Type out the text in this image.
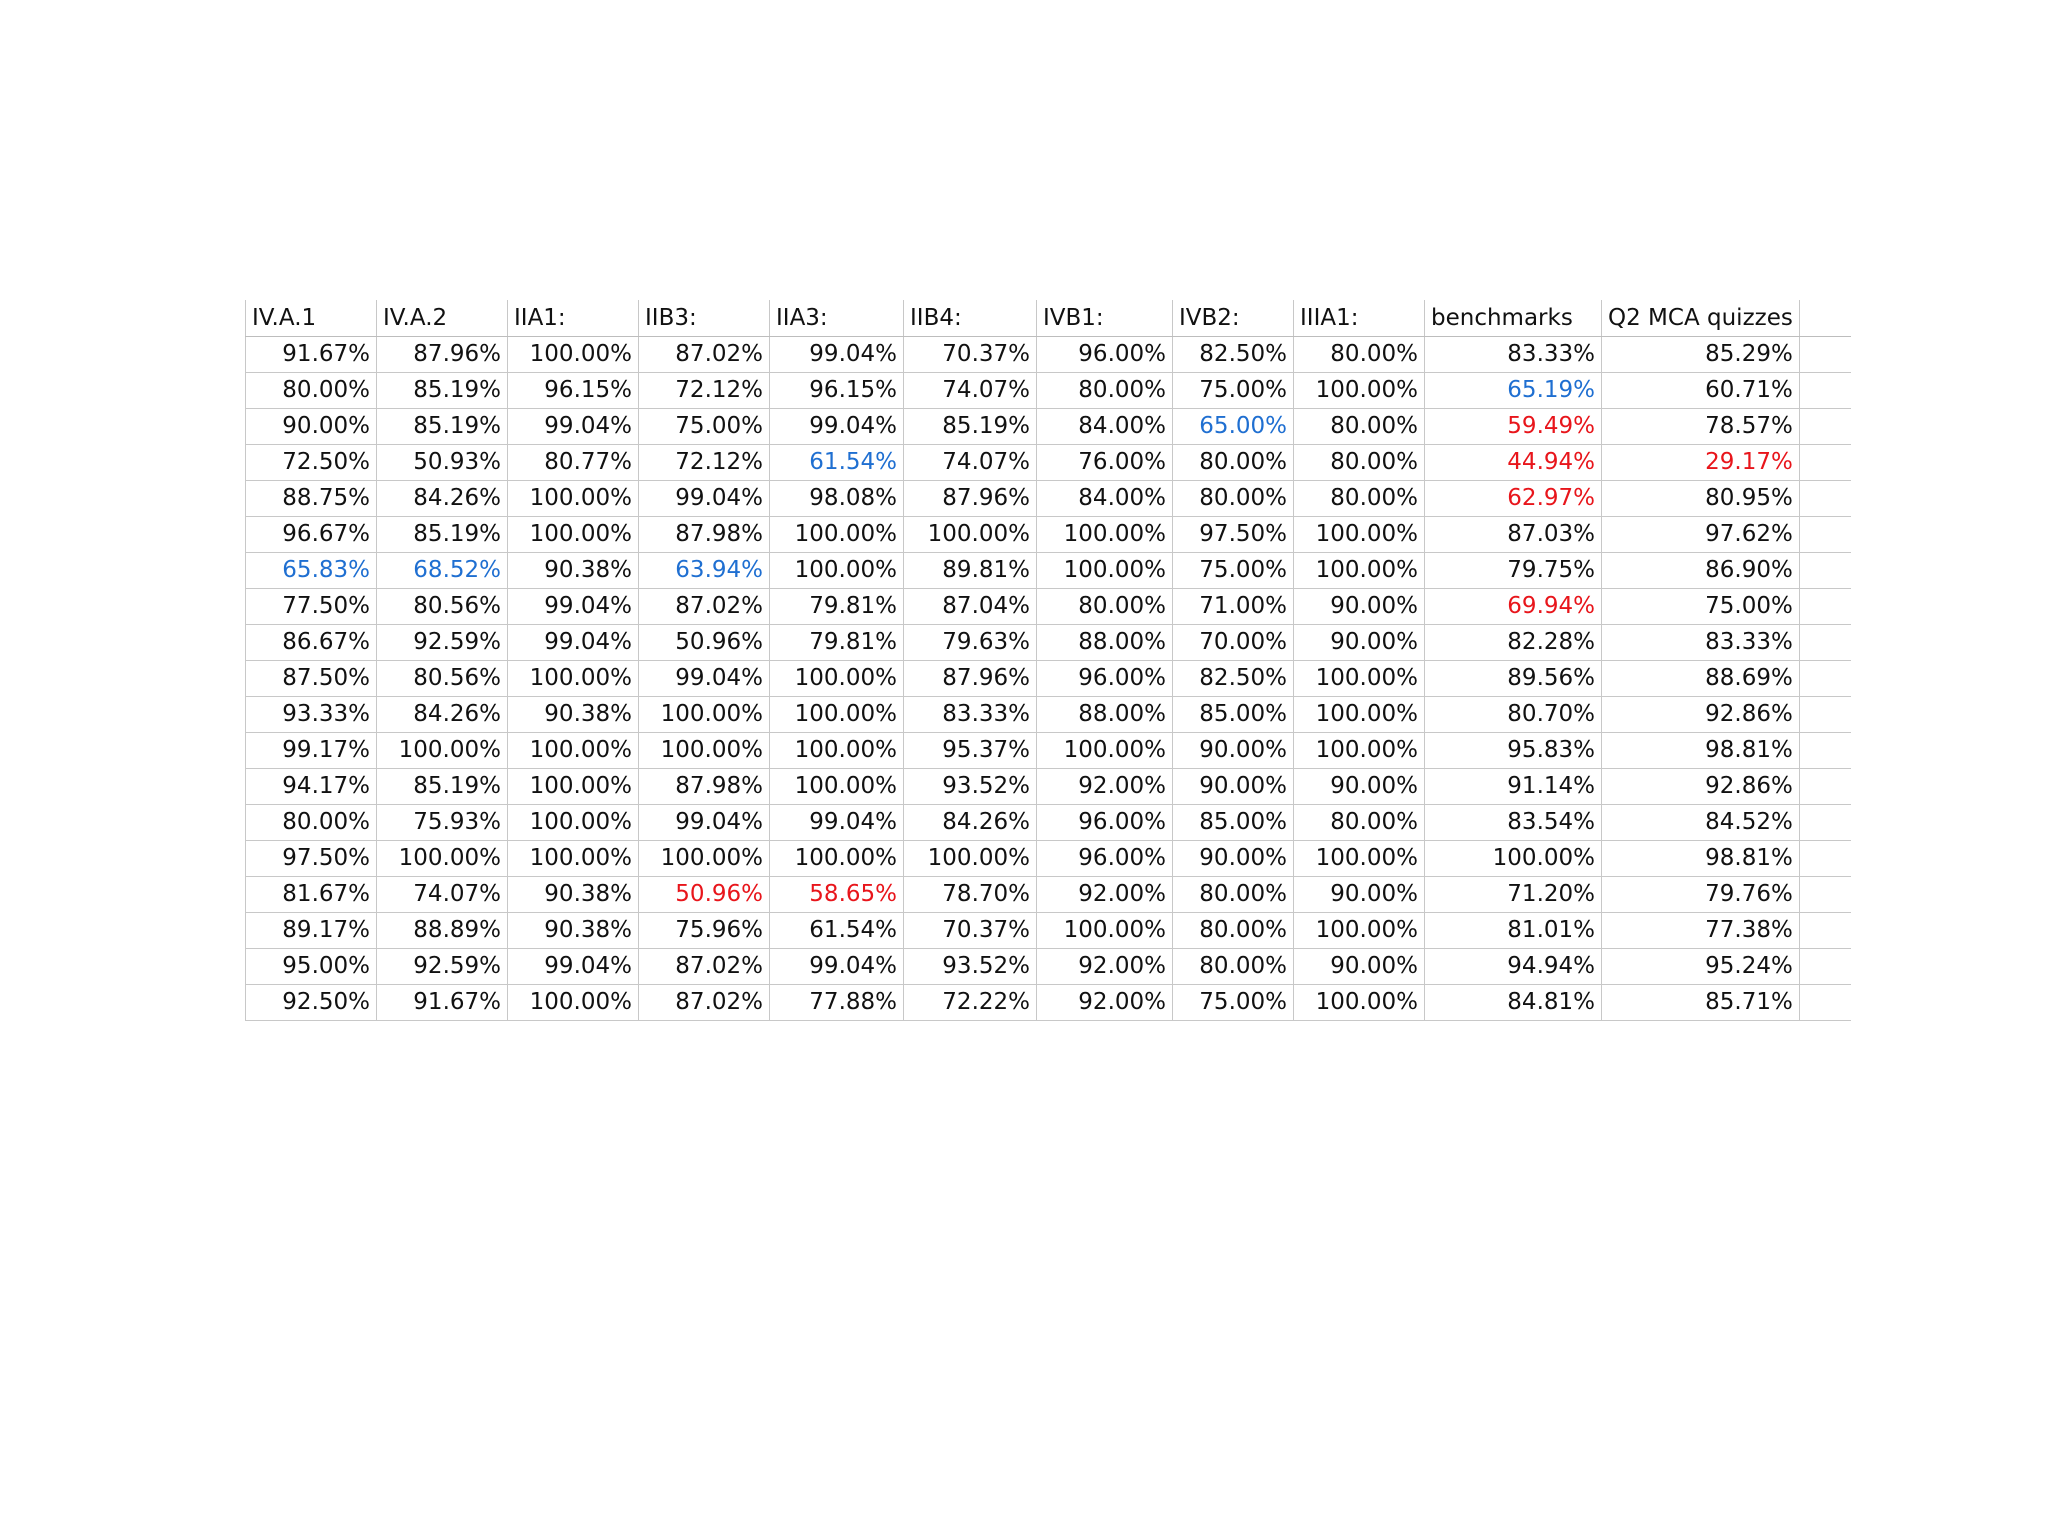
IV.A.1	IV.A.2	IIA1:	IIB3:	IIA3:	IIB4:	IVB1:	IVB2:	IIIA1:	benchmarks	Q2 MCA quizzes	
91.67%	87.96%	100.00%	87.02%	99.04%	70.37%	96.00%	82.50%	80.00%	83.33%	85.29%	
80.00%	85.19%	96.15%	72.12%	96.15%	74.07%	80.00%	75.00%	100.00%	65.19%	60.71%	
90.00%	85.19%	99.04%	75.00%	99.04%	85.19%	84.00%	65.00%	80.00%	59.49%	78.57%	
72.50%	50.93%	80.77%	72.12%	61.54%	74.07%	76.00%	80.00%	80.00%	44.94%	29.17%	
88.75%	84.26%	100.00%	99.04%	98.08%	87.96%	84.00%	80.00%	80.00%	62.97%	80.95%	
96.67%	85.19%	100.00%	87.98%	100.00%	100.00%	100.00%	97.50%	100.00%	87.03%	97.62%	
65.83%	68.52%	90.38%	63.94%	100.00%	89.81%	100.00%	75.00%	100.00%	79.75%	86.90%	
77.50%	80.56%	99.04%	87.02%	79.81%	87.04%	80.00%	71.00%	90.00%	69.94%	75.00%	
86.67%	92.59%	99.04%	50.96%	79.81%	79.63%	88.00%	70.00%	90.00%	82.28%	83.33%	
87.50%	80.56%	100.00%	99.04%	100.00%	87.96%	96.00%	82.50%	100.00%	89.56%	88.69%	
93.33%	84.26%	90.38%	100.00%	100.00%	83.33%	88.00%	85.00%	100.00%	80.70%	92.86%	
99.17%	100.00%	100.00%	100.00%	100.00%	95.37%	100.00%	90.00%	100.00%	95.83%	98.81%	
94.17%	85.19%	100.00%	87.98%	100.00%	93.52%	92.00%	90.00%	90.00%	91.14%	92.86%	
80.00%	75.93%	100.00%	99.04%	99.04%	84.26%	96.00%	85.00%	80.00%	83.54%	84.52%	
97.50%	100.00%	100.00%	100.00%	100.00%	100.00%	96.00%	90.00%	100.00%	100.00%	98.81%	
81.67%	74.07%	90.38%	50.96%	58.65%	78.70%	92.00%	80.00%	90.00%	71.20%	79.76%	
89.17%	88.89%	90.38%	75.96%	61.54%	70.37%	100.00%	80.00%	100.00%	81.01%	77.38%	
95.00%	92.59%	99.04%	87.02%	99.04%	93.52%	92.00%	80.00%	90.00%	94.94%	95.24%	
92.50%	91.67%	100.00%	87.02%	77.88%	72.22%	92.00%	75.00%	100.00%	84.81%	85.71%	
